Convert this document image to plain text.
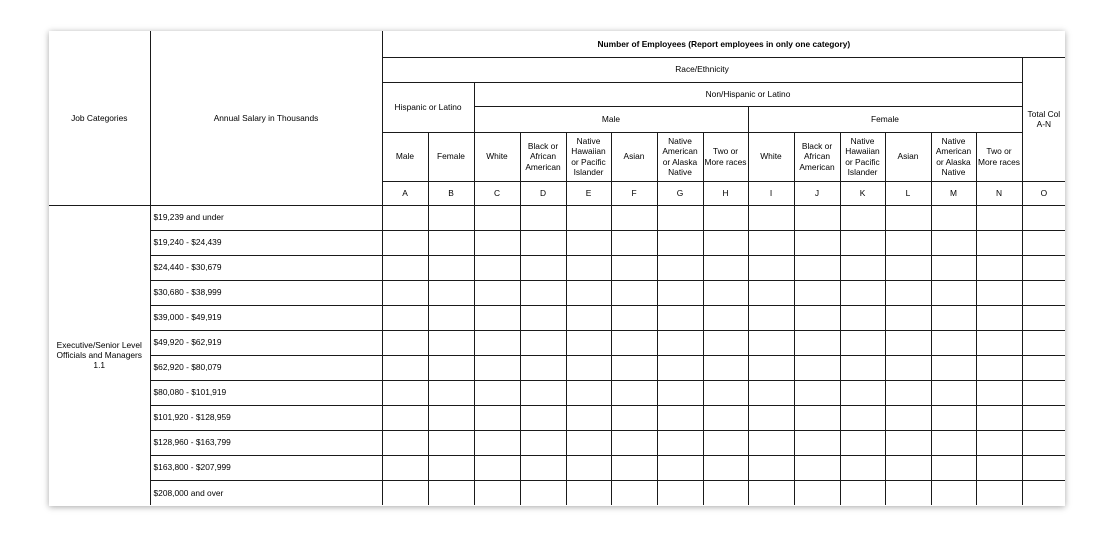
Job Categories	Annual Salary in Thousands	Number of Employees (Report employees in only one category)														
		Race/Ethnicity														Total Col A-N
		Hispanic or Latino		Non/Hispanic or Latino												
				Male						Female						
		Male	Female	White	Black or African American	Native Hawaiian or Pacific Islander	Asian	Native American or Alaska Native	Two or More races	White	Black or African American	Native Hawaiian or Pacific Islander	Asian	Native American or Alaska Native	Two or More races	
		A	B	C	D	E	F	G	H	I	J	K	L	M	N	O
Executive/Senior Level Officials and Managers 1.1	$19,239 and under															
	$19,240 - $24,439															
	$24,440 - $30,679															
	$30,680 - $38,999															
	$39,000 - $49,919															
	$49,920 - $62,919															
	$62,920 - $80,079															
	$80,080 - $101,919															
	$101,920 - $128,959															
	$128,960 - $163,799															
	$163,800 - $207,999															
	$208,000 and over															
